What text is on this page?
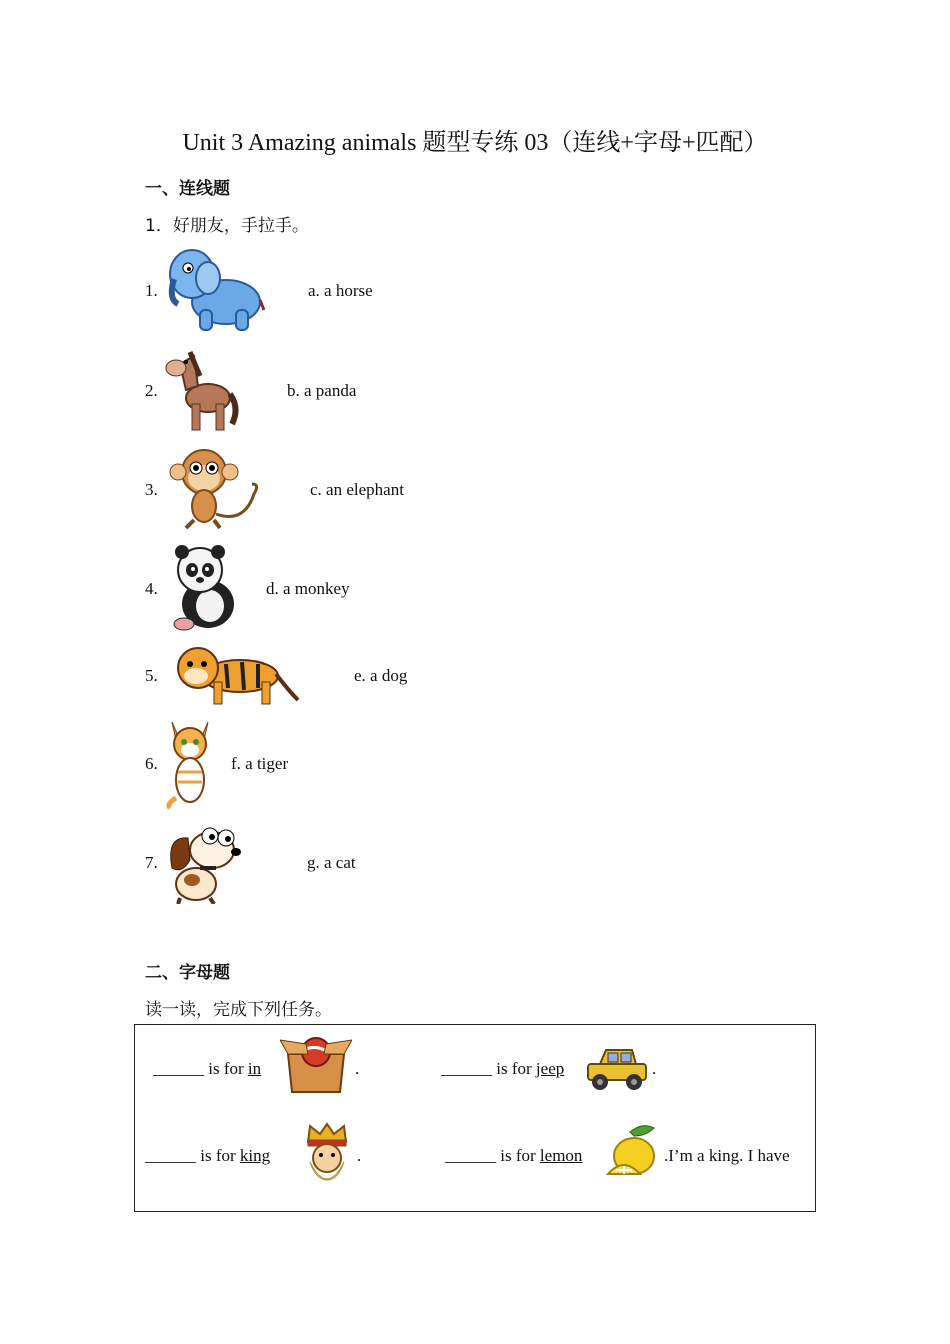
Unit 3 Amazing animals 题型专练 03（连线+字母+匹配）
一、连线题
1．好朋友，手拉手。
1.	a. a horse
2.	b. a panda
3.	c. an elephant
4.	d. a monkey
5.	e. a dog
6.	f. a tiger
7.	g. a cat
二、字母题
读一读，完成下列任务。
______ is for in	.	______ is for jeep	.
______ is for king	.	______ is for lemon	.I’m a king. I have
